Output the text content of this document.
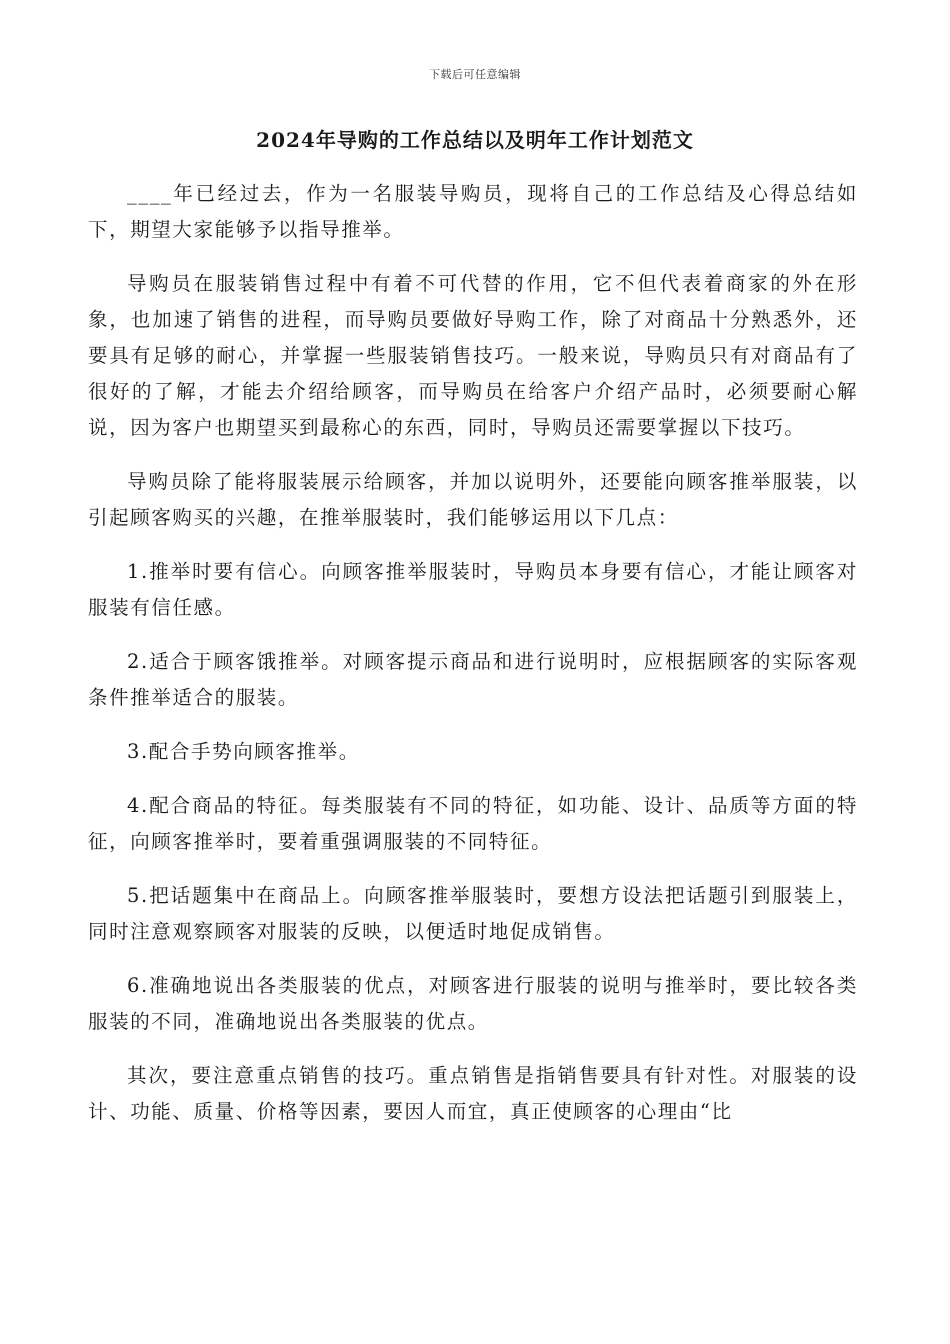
下载后可任意编辑
2024年导购的工作总结以及明年工作计划范文

____年已经过去，作为一名服装导购员，现将自己的工作总结及心得总结如下，期望大家能够予以指导推举。

导购员在服装销售过程中有着不可代替的作用，它不但代表着商家的外在形象，也加速了销售的进程，而导购员要做好导购工作，除了对商品十分熟悉外，还要具有足够的耐心，并掌握一些服装销售技巧。一般来说，导购员只有对商品有了很好的了解，才能去介绍给顾客，而导购员在给客户介绍产品时，必须要耐心解说，因为客户也期望买到最称心的东西，同时，导购员还需要掌握以下技巧。

导购员除了能将服装展示给顾客，并加以说明外，还要能向顾客推举服装，以引起顾客购买的兴趣，在推举服装时，我们能够运用以下几点：

1.推举时要有信心。向顾客推举服装时，导购员本身要有信心，才能让顾客对服装有信任感。

2.适合于顾客饿推举。对顾客提示商品和进行说明时，应根据顾客的实际客观条件推举适合的服装。

3.配合手势向顾客推举。

4.配合商品的特征。每类服装有不同的特征，如功能、设计、品质等方面的特征，向顾客推举时，要着重强调服装的不同特征。

5.把话题集中在商品上。向顾客推举服装时，要想方设法把话题引到服装上，同时注意观察顾客对服装的反映，以便适时地促成销售。

6.准确地说出各类服装的优点，对顾客进行服装的说明与推举时，要比较各类服装的不同，准确地说出各类服装的优点。

其次，要注意重点销售的技巧。重点销售是指销售要具有针对性。对服装的设计、功能、质量、价格等因素，要因人而宜，真正使顾客的心理由“比
